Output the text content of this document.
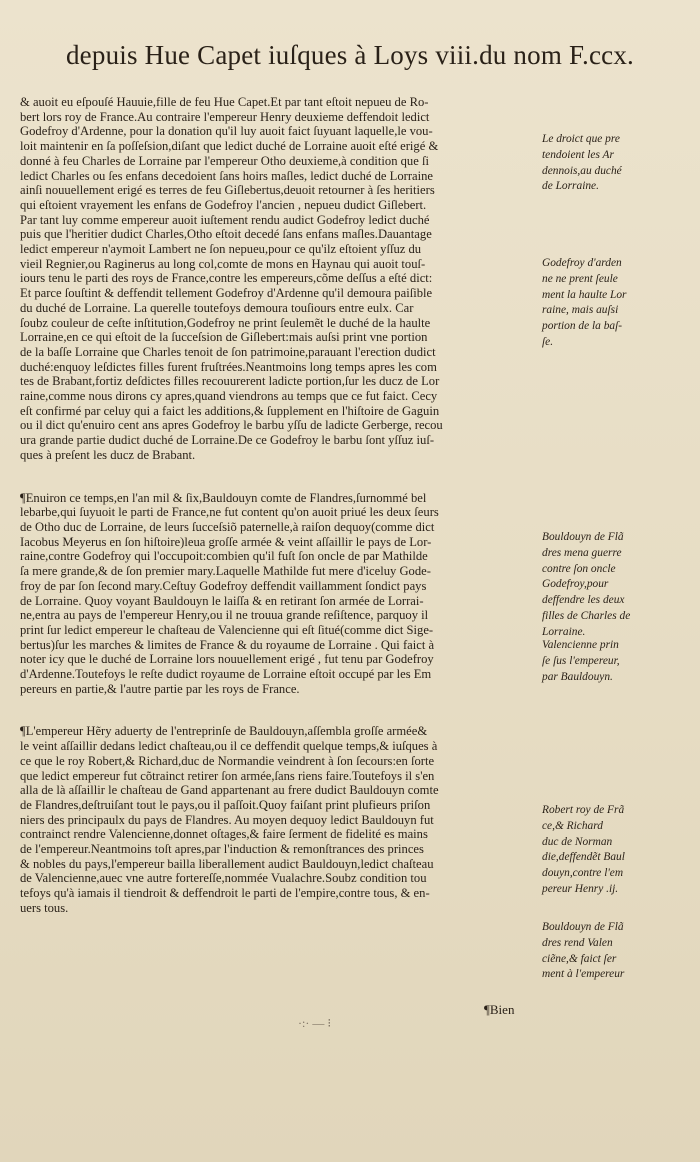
depuis Hue Capet iuſques à Loys viii.du nom F.ccx.
& auoit eu eſpouſé Hauuie,fille de feu Hue Capet.Et par tant eſtoit nepueu de Ro-
bert lors roy de France.Au contraire l'empereur Henry deuxieme deffendoit ledict
Godefroy d'Ardenne, pour la donation qu'il luy auoit faict ſuyuant laquelle,le vou-
loit maintenir en ſa poſſeſsion,diſant que ledict duché de Lorraine auoit eſté erigé &
donné à feu Charles de Lorraine par l'empereur Otho deuxieme,à condition que ſi
ledict Charles ou ſes enfans decedoient ſans hoirs maſles, ledict duché de Lorraine
ainſi nouuellement erigé es terres de feu Giſlebertus,deuoit retourner à ſes heritiers
qui eſtoient vrayement les enfans de Godefroy l'ancien , nepueu dudict Giſlebert.
Par tant luy comme empereur auoit iuſtement rendu audict Godefroy ledict duché
puis que l'heritier dudict Charles,Otho eſtoit decedé ſans enfans maſles.Dauantage
ledict empereur n'aymoit Lambert ne ſon nepueu,pour ce qu'ilz eſtoient yſſuz du
vieil Regnier,ou Raginerus au long col,comte de mons en Haynau qui auoit touſ-
iours tenu le parti des roys de France,contre les empereurs,cõme deſſus a eſté dict:
Et parce ſouſtint & deffendit tellement Godefroy d'Ardenne qu'il demoura paiſible
du duché de Lorraine. La querelle toutefoys demoura touſiours entre eulx. Car
ſoubz couleur de ceſte inſtitution,Godefroy ne print ſeulemẽt le duché de la haulte
Lorraine,en ce qui eſtoit de la ſucceſsion de Giſlebert:mais auſsi print vne portion
de la baſſe Lorraine que Charles tenoit de ſon patrimoine,parauant l'erection dudict
duché:enquoy leſdictes filles furent fruſtrées.Neantmoins long temps apres les com
tes de Brabant,fortiz deſdictes filles recouurerent ladicte portion,ſur les ducz de Lor
raine,comme nous dirons cy apres,quand viendrons au temps que ce fut faict. Cecy
eſt confirmé par celuy qui a faict les additions,& ſupplement en l'hiſtoire de Gaguin
ou il dict qu'enuiro cent ans apres Godefroy le barbu yſſu de ladicte Gerberge, recou
ura grande partie dudict duché de Lorraine.De ce Godefroy le barbu ſont yſſuz iuſ-
ques à preſent les ducz de Brabant.
¶Enuiron ce temps,en l'an mil & ſix,Bauldouyn comte de Flandres,ſurnommé bel
lebarbe,qui ſuyuoit le parti de France,ne fut content qu'on auoit priué les deux ſeurs
de Otho duc de Lorraine, de leurs ſucceſsiõ paternelle,à raiſon dequoy(comme dict
Iacobus Meyerus en ſon hiſtoire)leua groſſe armée & veint aſſaillir le pays de Lor-
raine,contre Godefroy qui l'occupoit:combien qu'il fuſt ſon oncle de par Mathilde
ſa mere grande,& de ſon premier mary.Laquelle Mathilde fut mere d'iceluy Gode-
froy de par ſon ſecond mary.Ceſtuy Godefroy deffendit vaillamment ſondict pays
de Lorraine. Quoy voyant Bauldouyn le laiſſa & en retirant ſon armée de Lorrai-
ne,entra au pays de l'empereur Henry,ou il ne trouua grande reſiſtence, parquoy il
print ſur ledict empereur le chaſteau de Valencienne qui eſt ſitué(comme dict Sige-
bertus)ſur les marches & limites de France & du royaume de Lorraine . Qui faict à
noter icy que le duché de Lorraine lors nouuellement erigé , fut tenu par Godefroy
d'Ardenne.Toutefoys le reſte dudict royaume de Lorraine eſtoit occupé par les Em
pereurs en partie,& l'autre partie par les roys de France.
¶L'empereur Hẽry aduerty de l'entreprinſe de Bauldouyn,aſſembla groſſe armée&
le veint aſſaillir dedans ledict chaſteau,ou il ce deffendit quelque temps,& iuſques à
ce que le roy Robert,& Richard,duc de Normandie veindrent à ſon ſecours:en ſorte
que ledict empereur fut cõtrainct retirer ſon armée,ſans riens faire.Toutefoys il s'en
alla de là aſſaillir le chaſteau de Gand appartenant au frere dudict Bauldouyn comte
de Flandres,deſtruiſant tout le pays,ou il paſſoit.Quoy faiſant print plufieurs priſon
niers des principaulx du pays de Flandres. Au moyen dequoy ledict Bauldouyn fut
contrainct rendre Valencienne,donnet oſtages,& faire ſerment de fidelité es mains
de l'empereur.Neantmoins toſt apres,par l'induction & remonſtrances des princes
& nobles du pays,l'empereur bailla liberallement audict Bauldouyn,ledict chaſteau
de Valencienne,auec vne autre fortereſſe,nommée Vualachre.Soubz condition tou
tefoys qu'à iamais il tiendroit & deffendroit le parti de l'empire,contre tous, & en-
uers tous.
Le droict que pre
tendoient les Ar
dennois,au duché
de Lorraine.
Godefroy d'arden
ne ne prent ſeule
ment la haulte Lor
raine, mais auſsi
portion de la baſ-
ſe.
Bouldouyn de Flã
dres mena guerre
contre ſon oncle
Godefroy,pour
deffendre les deux
filles de Charles de
Lorraine.
Valencienne prin
ſe ſus l'empereur,
par Bauldouyn.
Robert roy de Frã
ce,& Richard
duc de Norman
die,deffendẽt Baul
douyn,contre l'em
pereur Henry .ij.
Bouldouyn de Flã
dres rend Valen
ciẽne,& faict ſer
ment à l'empereur
¶Bien
·:· — ⁝
